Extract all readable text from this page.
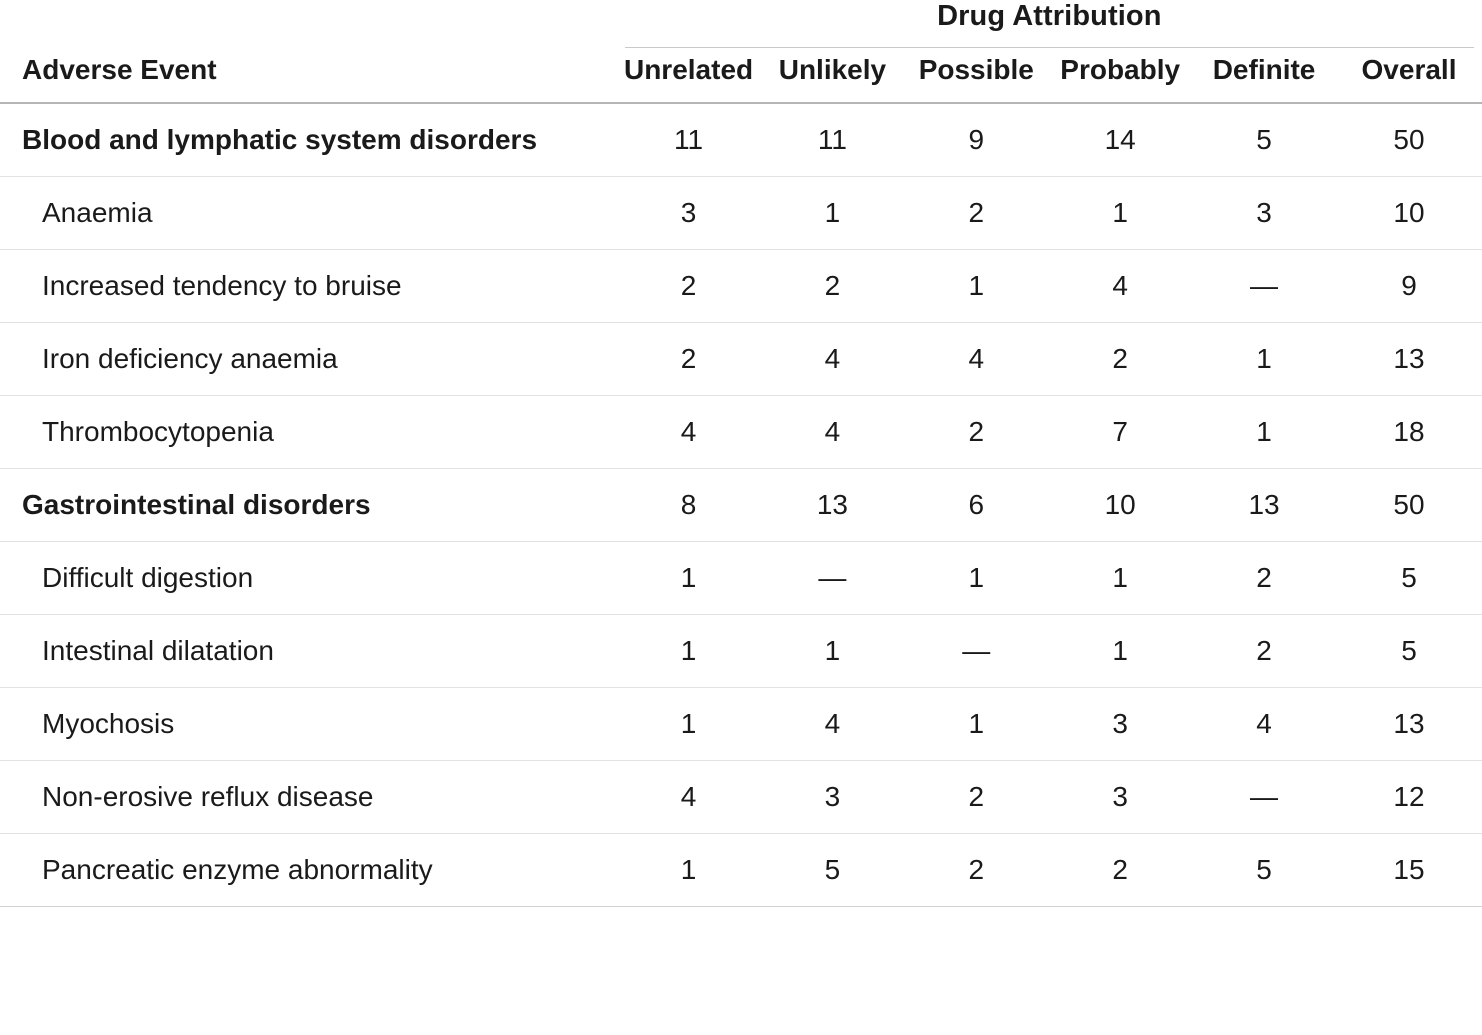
	Drug Attribution					

Adverse Event	Unrelated	Unlikely	Possible	Probably	Definite	Overall
Blood and lymphatic system disorders	11	11	9	14	5	50
Anaemia	3	1	2	1	3	10
Increased tendency to bruise	2	2	1	4	—	9
Iron deficiency anaemia	2	4	4	2	1	13
Thrombocytopenia	4	4	2	7	1	18
Gastrointestinal disorders	8	13	6	10	13	50
Difficult digestion	1	—	1	1	2	5
Intestinal dilatation	1	1	—	1	2	5
Myochosis	1	4	1	3	4	13
Non-erosive reflux disease	4	3	2	3	—	12
Pancreatic enzyme abnormality	1	5	2	2	5	15
